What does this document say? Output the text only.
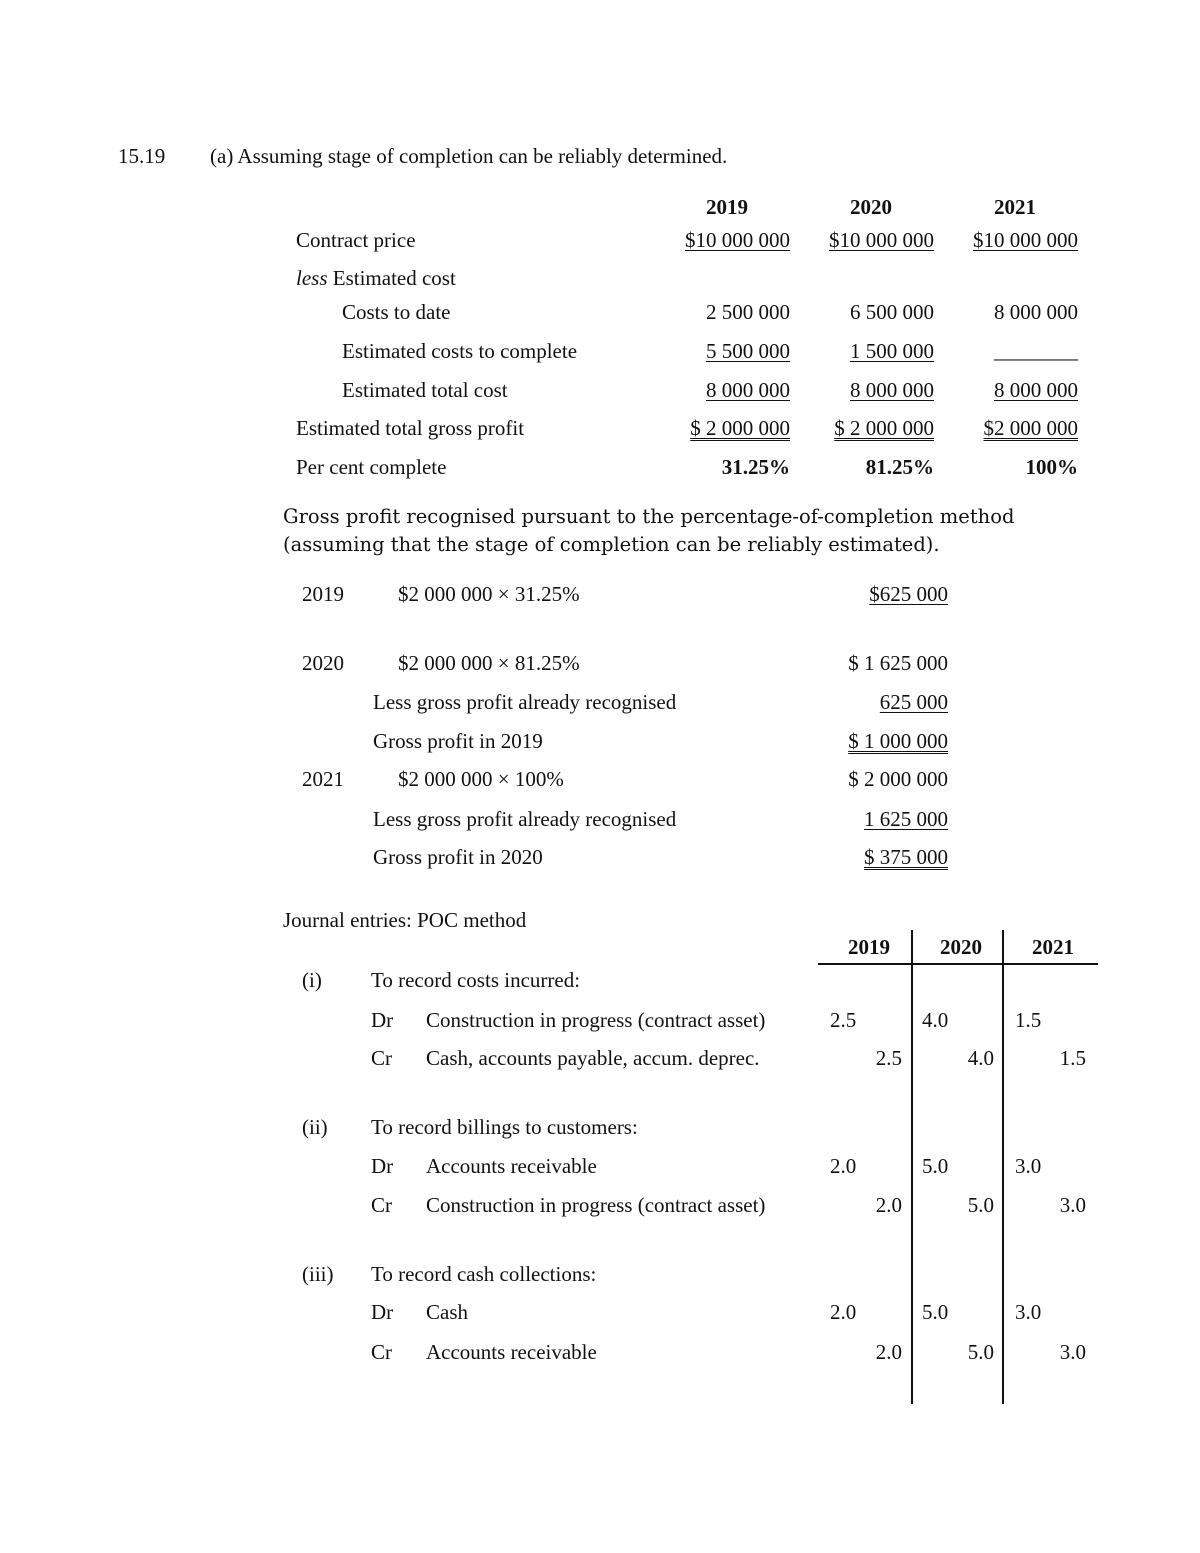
15.19 (a) Assuming stage of completion can be reliably determined.
2019	2020	2021
Contract price	$10 000 000	$10 000 000	$10 000 000
less Estimated cost
Costs to date	2 500 000	6 500 000	8 000 000
Estimated costs to complete	5 500 000	1 500 000	________
Estimated total cost	8 000 000	8 000 000	8 000 000
Estimated total gross profit	$ 2 000 000	$ 2 000 000	$2 000 000
Per cent complete	31.25%	81.25%	100%
Gross profit recognised pursuant to the percentage-of-completion method
(assuming that the stage of completion can be reliably estimated).
2019	$2 000 000 × 31.25%	$625 000
2020	$2 000 000 × 81.25%	$ 1 625 000
Less gross profit already recognised	625 000
Gross profit in 2019	$ 1 000 000
2021	$2 000 000 × 100%	$ 2 000 000
Less gross profit already recognised	1 625 000
Gross profit in 2020	$ 375 000
Journal entries: POC method
2019	2020	2021
(i) To record costs incurred:
Dr Construction in progress (contract asset)	2.5	4.0	1.5
Cr Cash, accounts payable, accum. deprec.	2.5	4.0	1.5
(ii) To record billings to customers:
Dr Accounts receivable	2.0	5.0	3.0
Cr Construction in progress (contract asset)	2.0	5.0	3.0
(iii) To record cash collections:
Dr Cash	2.0	5.0	3.0
Cr Accounts receivable	2.0	5.0	3.0
